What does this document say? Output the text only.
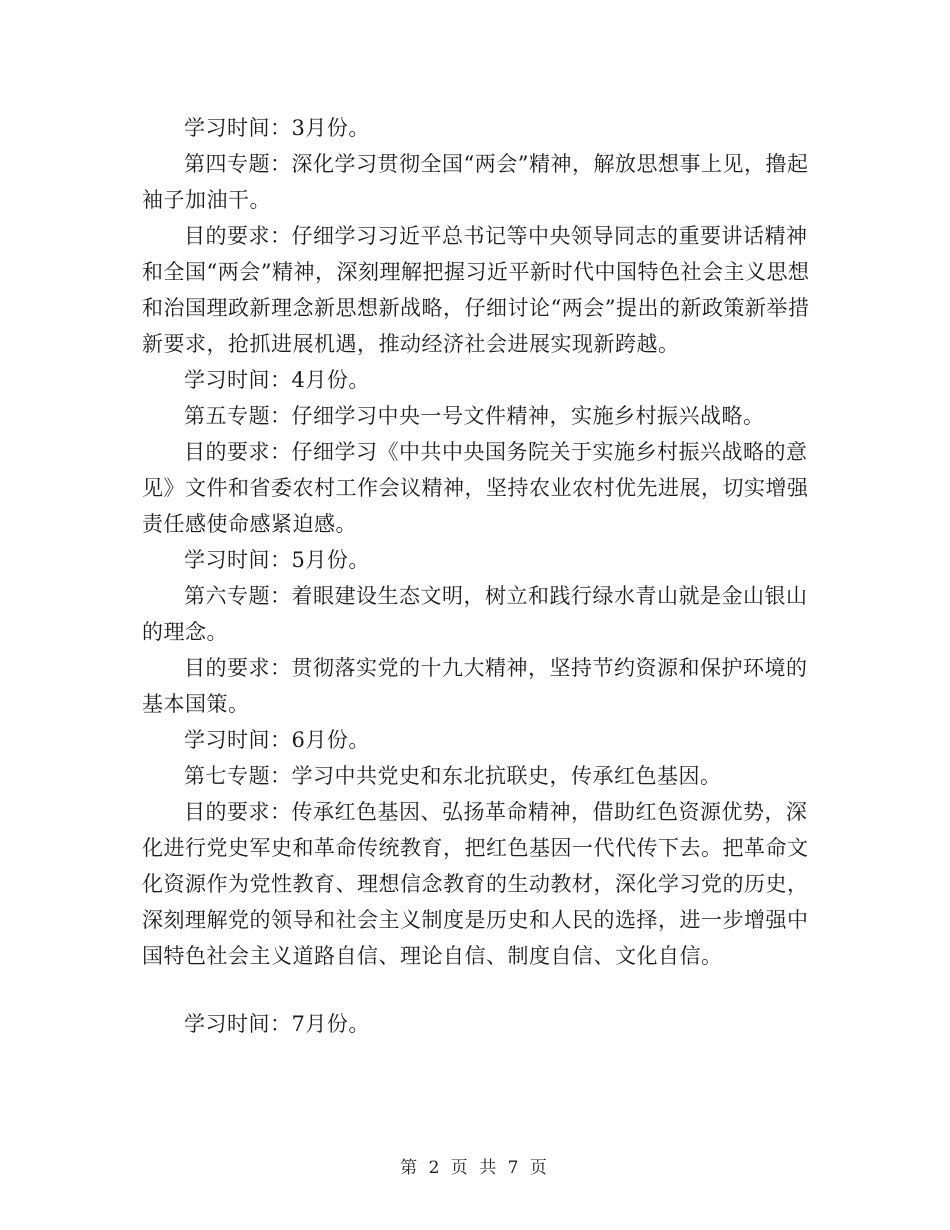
学习时间：3月份。

第四专题：深化学习贯彻全国“两会”精神，解放思想事上见，撸起袖子加油干。

目的要求：仔细学习习近平总书记等中央领导同志的重要讲话精神和全国“两会”精神，深刻理解把握习近平新时代中国特色社会主义思想和治国理政新理念新思想新战略，仔细讨论“两会”提出的新政策新举措新要求，抢抓进展机遇，推动经济社会进展实现新跨越。

学习时间：4月份。

第五专题：仔细学习中央一号文件精神，实施乡村振兴战略。

目的要求：仔细学习《中共中央国务院关于实施乡村振兴战略的意见》文件和省委农村工作会议精神，坚持农业农村优先进展，切实增强责任感使命感紧迫感。

学习时间：5月份。

第六专题：着眼建设生态文明，树立和践行绿水青山就是金山银山的理念。

目的要求：贯彻落实党的十九大精神，坚持节约资源和保护环境的基本国策。

学习时间：6月份。

第七专题：学习中共党史和东北抗联史，传承红色基因。

目的要求：传承红色基因、弘扬革命精神，借助红色资源优势，深化进行党史军史和革命传统教育，把红色基因一代代传下去。把革命文化资源作为党性教育、理想信念教育的生动教材，深化学习党的历史，深刻理解党的领导和社会主义制度是历史和人民的选择，进一步增强中国特色社会主义道路自信、理论自信、制度自信、文化自信。

学习时间：7月份。

第 2 页 共 7 页
